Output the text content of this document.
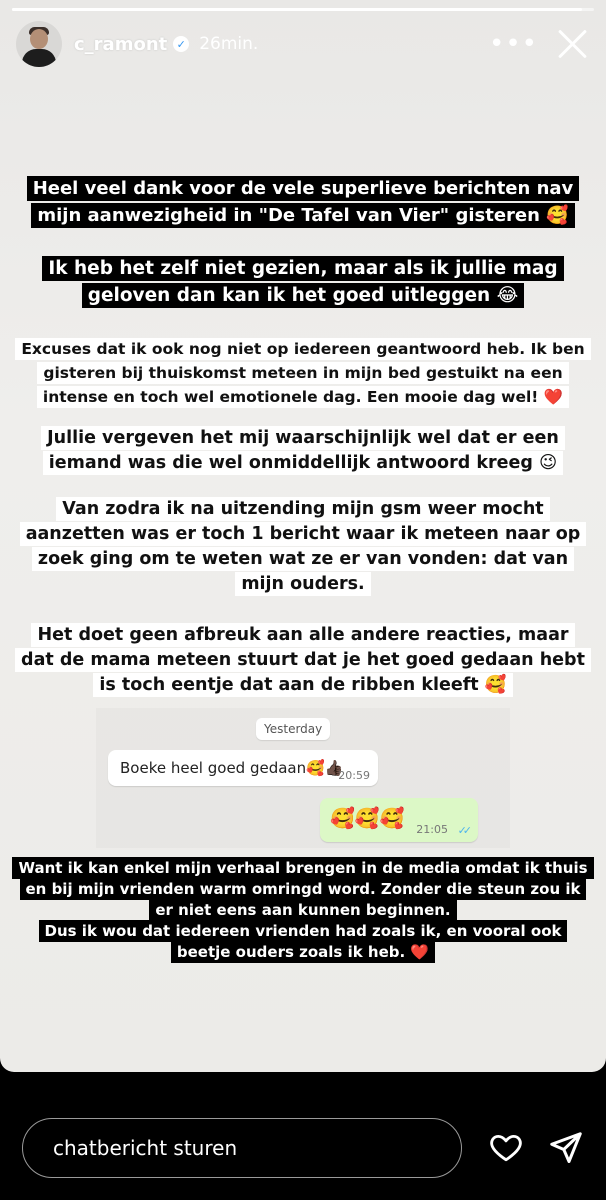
c_ramont ✓ 26min.	•••
Heel veel dank voor de vele superlieve berichten nav
mijn aanwezigheid in "De Tafel van Vier" gisteren 🥰
Ik heb het zelf niet gezien, maar als ik jullie mag
geloven dan kan ik het goed uitleggen 😂
Excuses dat ik ook nog niet op iedereen geantwoord heb. Ik ben
gisteren bij thuiskomst meteen in mijn bed gestuikt na een
intense en toch wel emotionele dag. Een mooie dag wel! ❤️
Jullie vergeven het mij waarschijnlijk wel dat er een
iemand was die wel onmiddellijk antwoord kreeg 😉
Van zodra ik na uitzending mijn gsm weer mocht
aanzetten was er toch 1 bericht waar ik meteen naar op
zoek ging om te weten wat ze er van vonden: dat van
mijn ouders.
Het doet geen afbreuk aan alle andere reacties, maar
dat de mama meteen stuurt dat je het goed gedaan hebt
is toch eentje dat aan de ribben kleeft 🥰
Yesterday
Boeke heel goed gedaan🥰👍🏿
20:59
🥰🥰🥰 21:05 ✓✓
Want ik kan enkel mijn verhaal brengen in de media omdat ik thuis
en bij mijn vrienden warm omringd word. Zonder die steun zou ik
er niet eens aan kunnen beginnen.
Dus ik wou dat iedereen vrienden had zoals ik, en vooral ook
beetje ouders zoals ik heb. ❤️
chatbericht sturen
